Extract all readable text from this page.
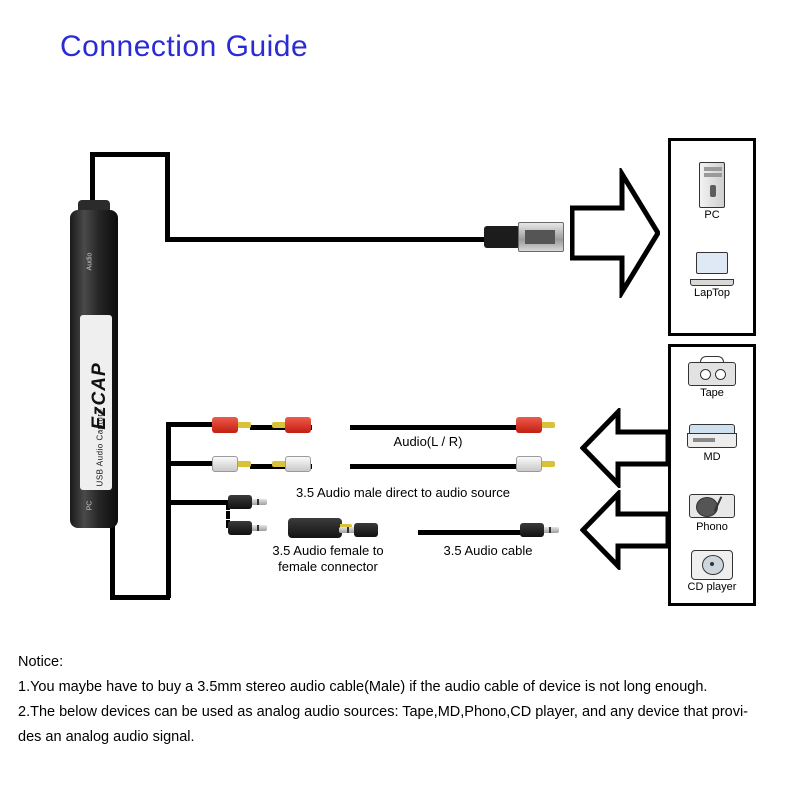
Connection Guide
Audio
PC
EzCAP
USB Audio Capture
PC
LapTop
Tape
MD
Phono
CD player
Audio(L / R)
3.5 Audio male direct to audio source
3.5 Audio female to
female connector
3.5 Audio cable
Notice:
1.You maybe have to buy a 3.5mm stereo audio cable(Male) if the audio cable of device is not long enough.
2.The below devices can be used as analog audio sources: Tape,MD,Phono,CD player, and any device that provi-
des an analog audio signal.
